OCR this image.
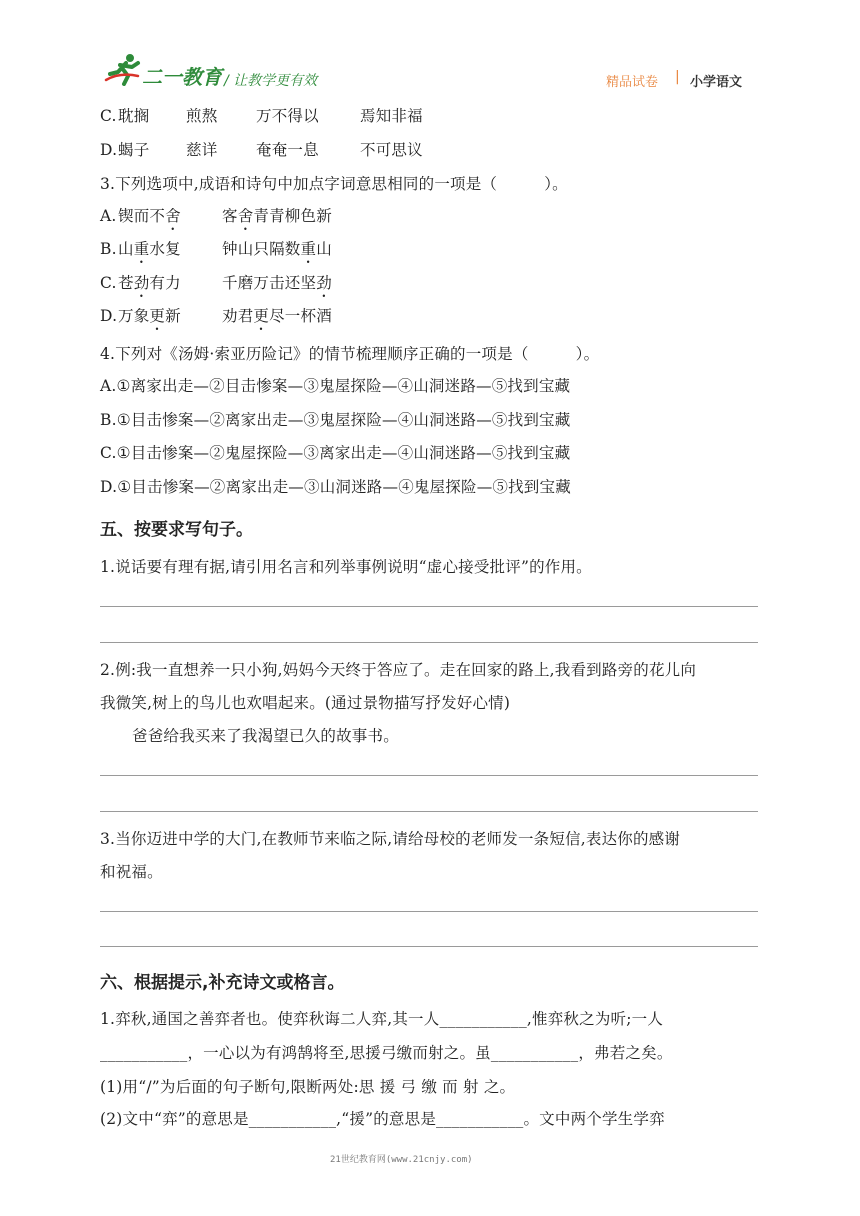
二一教育 / 让教学更有效	精品试卷 | 小学语文
C.耽搁 煎熬 万不得以	焉知非福
D.蝎子 慈详 奄奄一息	不可思议
3.下列选项中,成语和诗句中加点字词意思相同的一项是（　　　）。
A.锲而不舍	客舍青青柳色新
B.山重水复	钟山只隔数重山
C.苍劲有力	千磨万击还坚劲
D.万象更新	劝君更尽一杯酒
4.下列对《汤姆·索亚历险记》的情节梳理顺序正确的一项是（　　　）。
A.①离家出走—②目击惨案—③鬼屋探险—④山洞迷路—⑤找到宝藏
B.①目击惨案—②离家出走—③鬼屋探险—④山洞迷路—⑤找到宝藏
C.①目击惨案—②鬼屋探险—③离家出走—④山洞迷路—⑤找到宝藏
D.①目击惨案—②离家出走—③山洞迷路—④鬼屋探险—⑤找到宝藏
五、按要求写句子。
1.说话要有理有据,请引用名言和列举事例说明“虚心接受批评”的作用。
2.例:我一直想养一只小狗,妈妈今天终于答应了。走在回家的路上,我看到路旁的花儿向
我微笑,树上的鸟儿也欢唱起来。(通过景物描写抒发好心情)
爸爸给我买来了我渴望已久的故事书。
3.当你迈进中学的大门,在教师节来临之际,请给母校的老师发一条短信,表达你的感谢
和祝福。
六、根据提示,补充诗文或格言。
1.弈秋,通国之善弈者也。使弈秋诲二人弈,其一人___________,惟弈秋之为听;一人
___________，一心以为有鸿鹄将至,思援弓缴而射之。虽___________，弗若之矣。
(1)用“/”为后面的句子断句,限断两处:思 援 弓 缴 而 射 之。
(2)文中“弈”的意思是___________,“援”的意思是___________。文中两个学生学弈
21世纪教育网(www.21cnjy.com)
